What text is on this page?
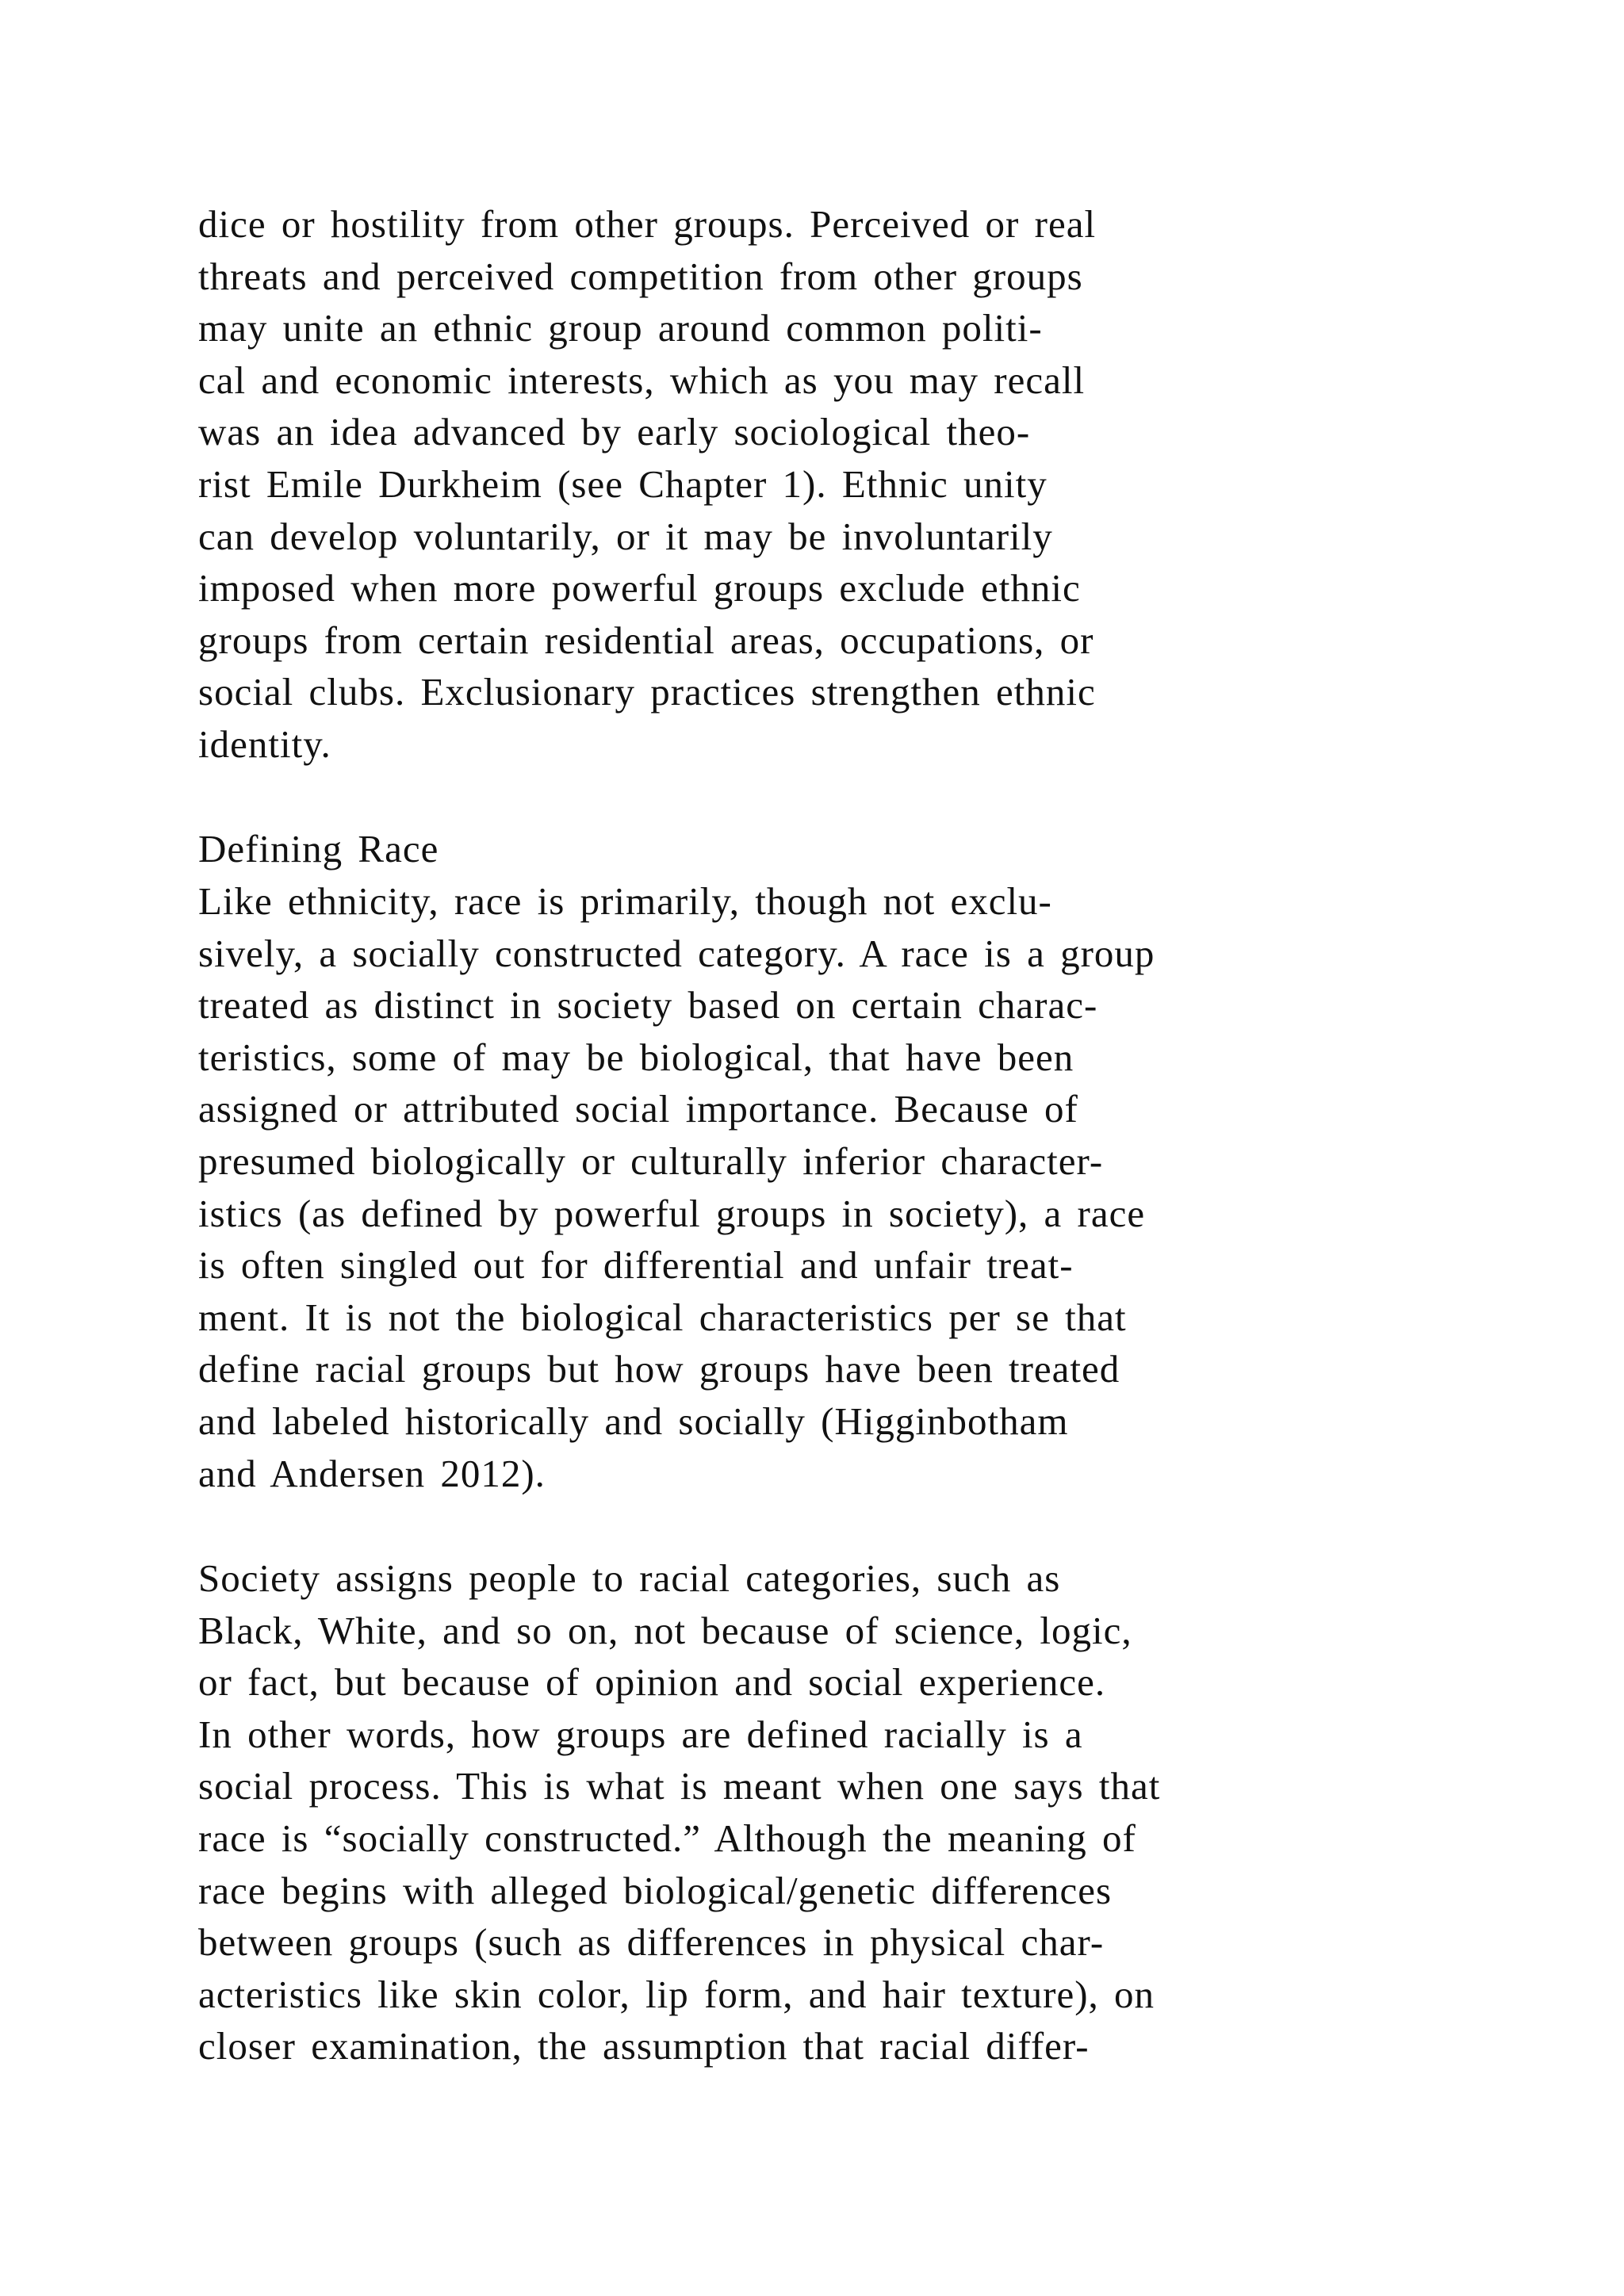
dice or hostility from other groups. Perceived or real
threats and perceived competition from other groups
may unite an ethnic group around common politi-
cal and economic interests, which as you may recall
was an idea advanced by early sociological theo-
rist Emile Durkheim (see Chapter 1). Ethnic unity
can develop voluntarily, or it may be involuntarily
imposed when more powerful groups exclude ethnic
groups from certain residential areas, occupations, or
social clubs. Exclusionary practices strengthen ethnic
identity.
Defining Race
Like ethnicity, race is primarily, though not exclu-
sively, a socially constructed category. A race is a group
treated as distinct in society based on certain charac-
teristics, some of may be biological, that have been
assigned or attributed social importance. Because of
presumed biologically or culturally inferior character-
istics (as defined by powerful groups in society), a race
is often singled out for differential and unfair treat-
ment. It is not the biological characteristics per se that
define racial groups but how groups have been treated
and labeled historically and socially (Higginbotham
and Andersen 2012).
Society assigns people to racial categories, such as
Black, White, and so on, not because of science, logic,
or fact, but because of opinion and social experience.
In other words, how groups are defined racially is a
social process. This is what is meant when one says that
race is “socially constructed.” Although the meaning of
race begins with alleged biological/genetic differences
between groups (such as differences in physical char-
acteristics like skin color, lip form, and hair texture), on
closer examination, the assumption that racial differ-
